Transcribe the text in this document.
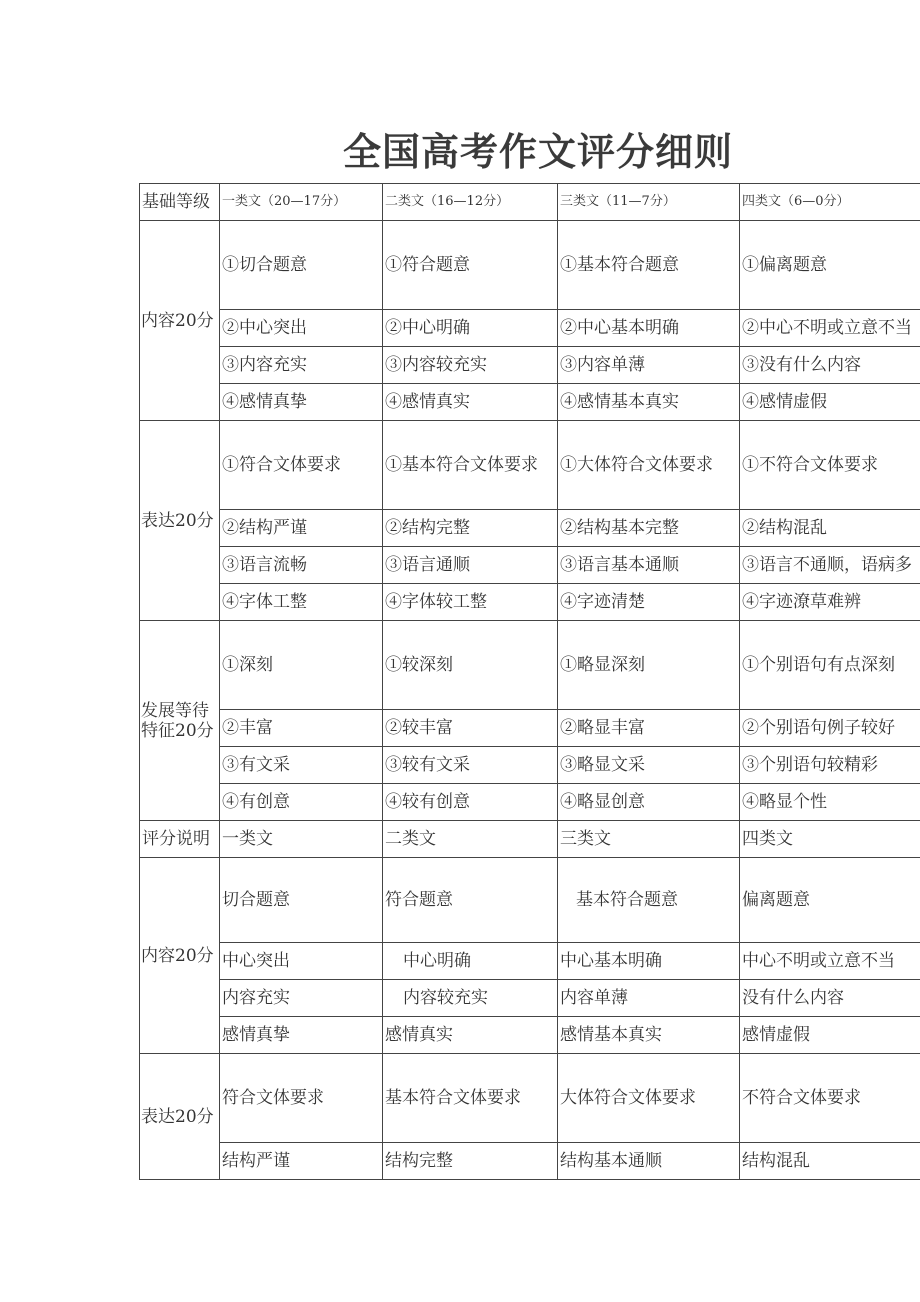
全国高考作文评分细则
基础等级	一类文（20—17分）	二类文（16—12分）	三类文（11—7分）	四类文（6—0分）
内容20分	①切合题意	①符合题意	①基本符合题意	①偏离题意
	②中心突出	②中心明确	②中心基本明确	②中心不明或立意不当
	③内容充实	③内容较充实	③内容单薄	③没有什么内容
	④感情真挚	④感情真实	④感情基本真实	④感情虚假
表达20分	①符合文体要求	①基本符合文体要求	①大体符合文体要求	①不符合文体要求
	②结构严谨	②结构完整	②结构基本完整	②结构混乱
	③语言流畅	③语言通顺	③语言基本通顺	③语言不通顺，语病多
	④字体工整	④字体较工整	④字迹清楚	④字迹潦草难辨
发展等待特征20分	①深刻	①较深刻	①略显深刻	①个别语句有点深刻
	②丰富	②较丰富	②略显丰富	②个别语句例子较好
	③有文采	③较有文采	③略显文采	③个别语句较精彩
	④有创意	④较有创意	④略显创意	④略显个性
评分说明	一类文	二类文	三类文	四类文
内容20分	切合题意	符合题意	基本符合题意	偏离题意
	中心突出	中心明确	中心基本明确	中心不明或立意不当
	内容充实	内容较充实	内容单薄	没有什么内容
	感情真挚	感情真实	感情基本真实	感情虚假
表达20分	符合文体要求	基本符合文体要求	大体符合文体要求	不符合文体要求
	结构严谨	结构完整	结构基本通顺	结构混乱
